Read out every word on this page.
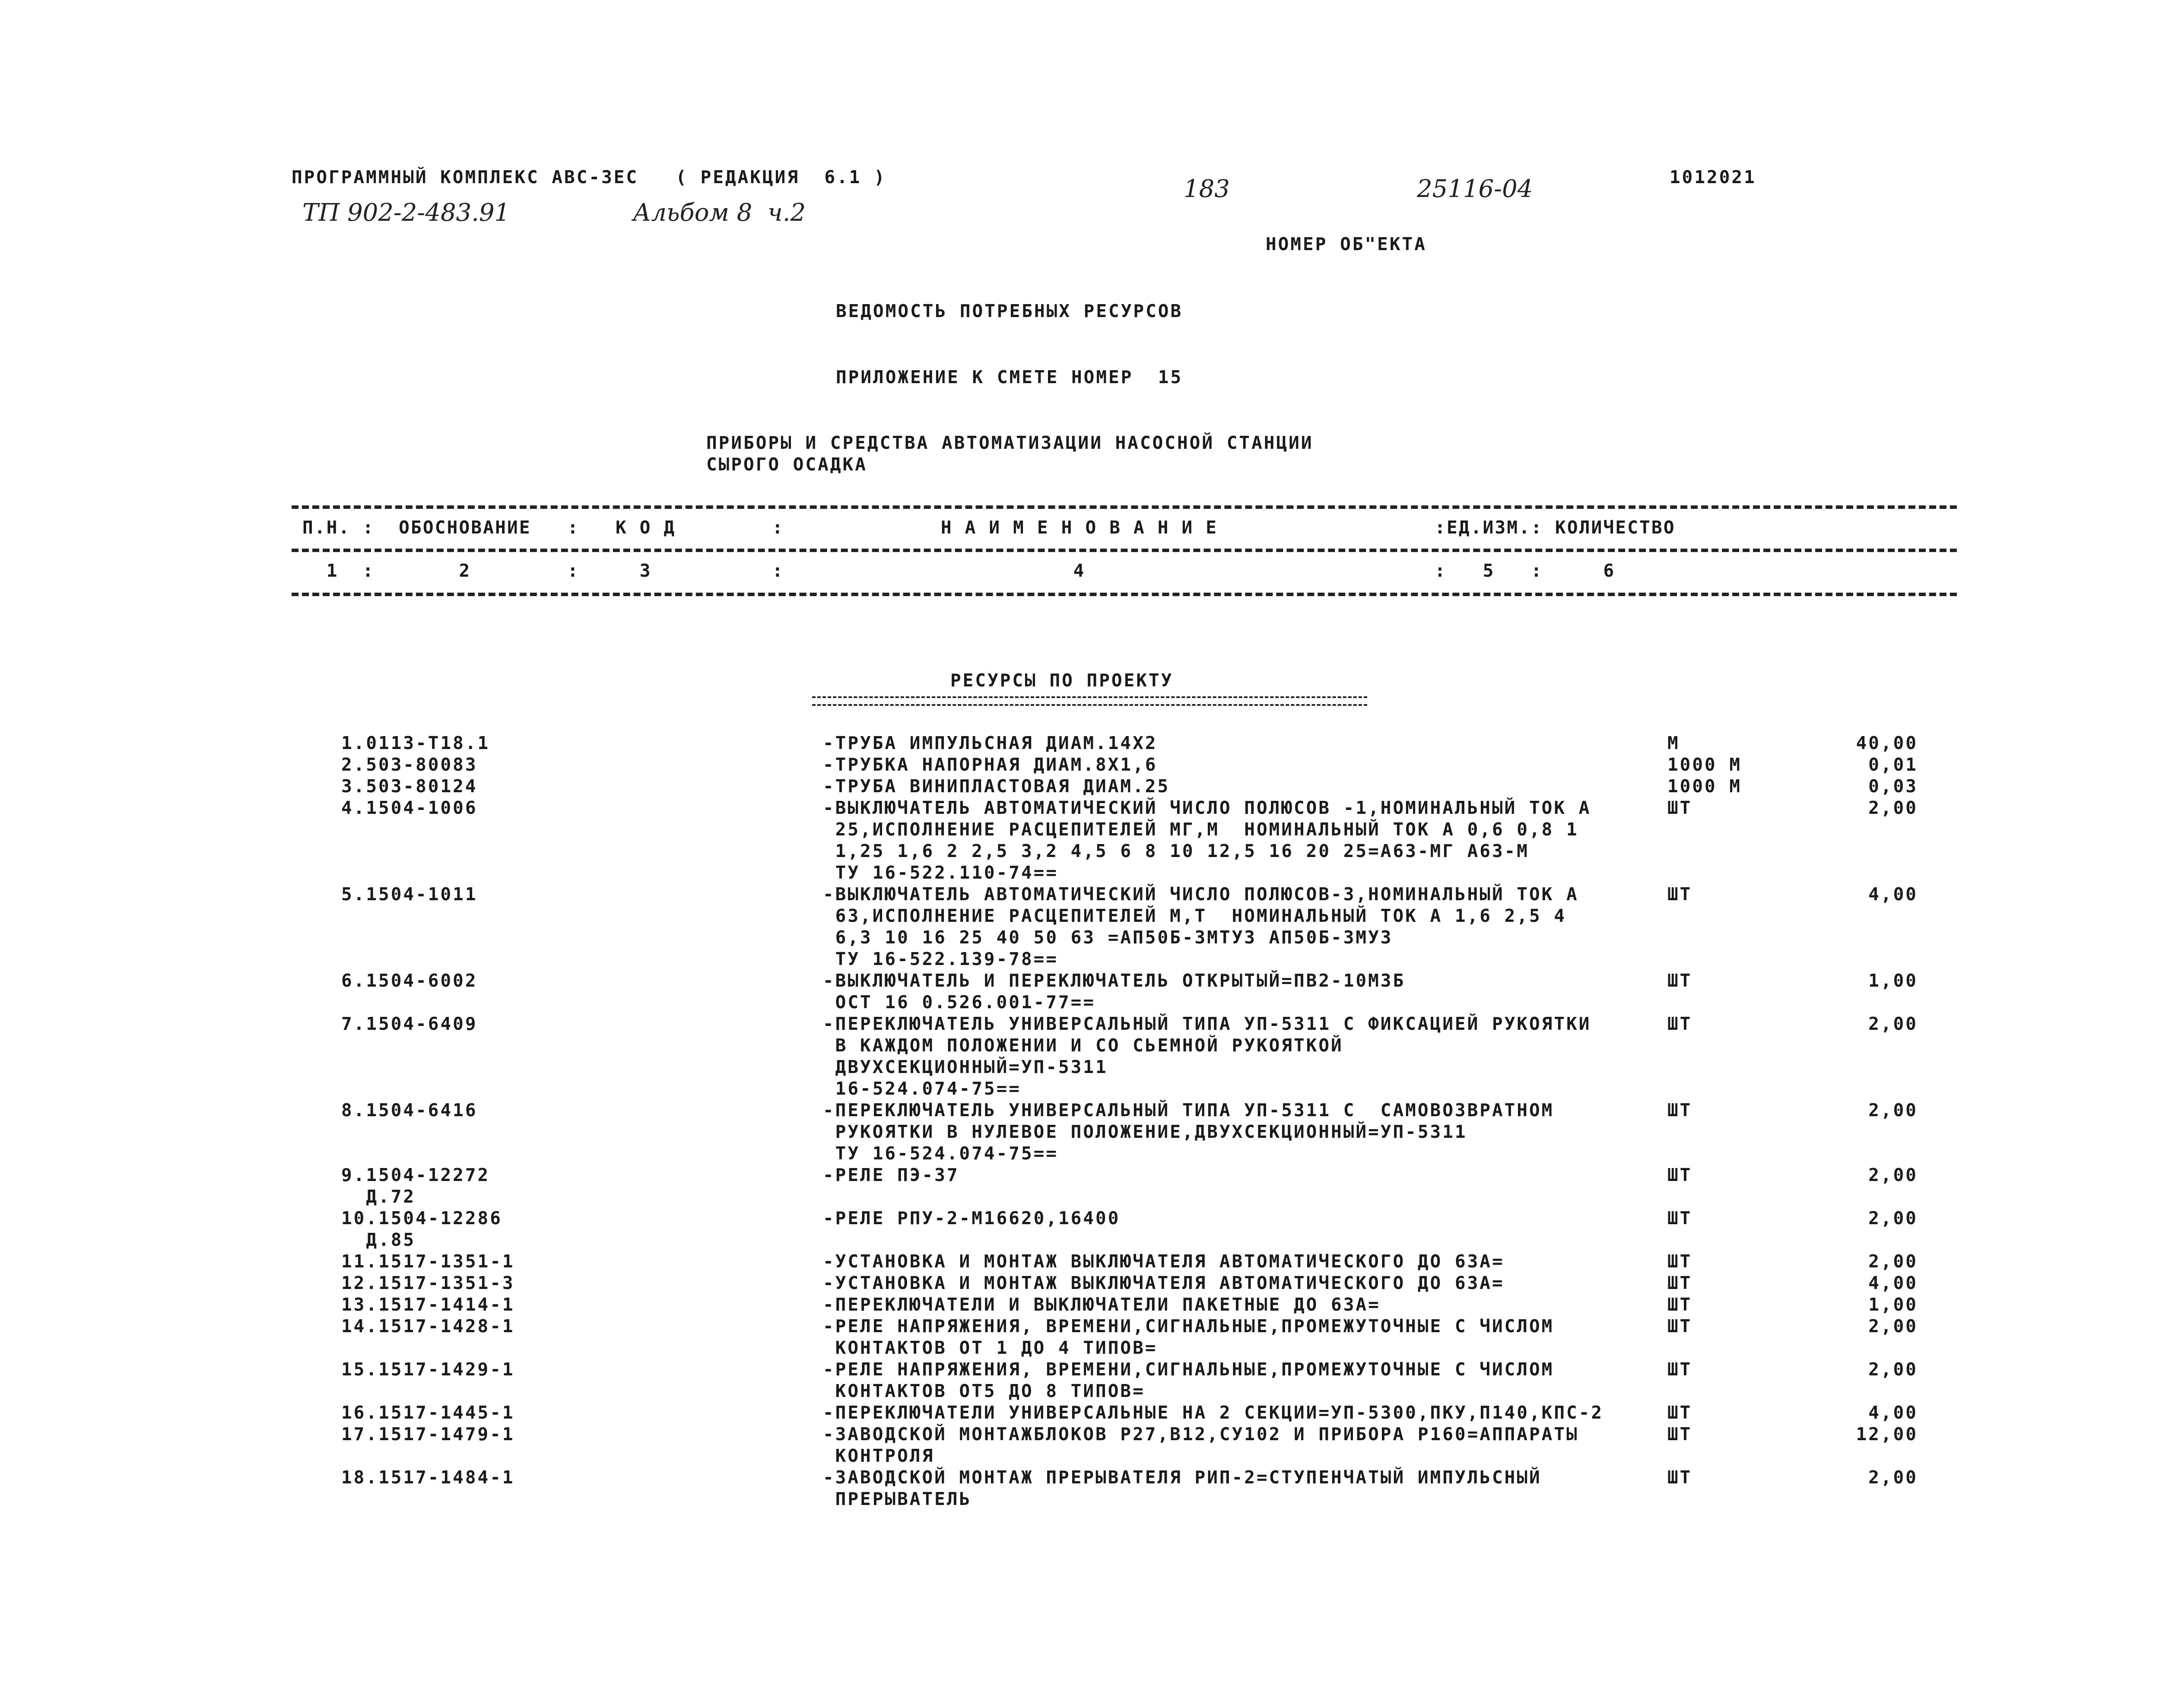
ПРОГРАММНЫЙ КОМПЛЕКС АВС-3ЕС   ( РЕДАКЦИЯ  6.1 )	1012021
ТП 902-2-483.91	Альбом 8  ч.2
183	25116-04
НОМЕР ОБ"ЕКТА
ВЕДОМОСТЬ ПОТРЕБНЫХ РЕСУРСОВ
ПРИЛОЖЕНИЕ К СМЕТЕ НОМЕР  15
ПРИБОРЫ И СРЕДСТВА АВТОМАТИЗАЦИИ НАСОСНОЙ СТАНЦИИ
СЫРОГО ОСАДКА
П.Н. :  ОБОСНОВАНИЕ   :   К О Д        :             Н А И М Е Н О В А Н И Е                  :ЕД.ИЗМ.: КОЛИЧЕСТВО
1  :       2        :     3          :                        4                             :   5   :     6
РЕСУРСЫ ПО ПРОЕКТУ
1.0113-Т18.1	-ТРУБА ИМПУЛЬСНАЯ ДИАМ.14Х2	М	40,00
2.503-80083	-ТРУБКА НАПОРНАЯ ДИАМ.8Х1,6	1000 М	0,01
3.503-80124	-ТРУБА ВИНИПЛАСТОВАЯ ДИАМ.25	1000 М	0,03
4.1504-1006	-ВЫКЛЮЧАТЕЛЬ АВТОМАТИЧЕСКИЙ ЧИСЛО ПОЛЮСОВ -1,НОМИНАЛЬНЫЙ ТОК А	ШТ	2,00
25,ИСПОЛНЕНИЕ РАСЦЕПИТЕЛЕЙ МГ,М  НОМИНАЛЬНЫЙ ТОК А 0,6 0,8 1
1,25 1,6 2 2,5 3,2 4,5 6 8 10 12,5 16 20 25=А63-МГ А63-М
ТУ 16-522.110-74==
5.1504-1011	-ВЫКЛЮЧАТЕЛЬ АВТОМАТИЧЕСКИЙ ЧИСЛО ПОЛЮСОВ-3,НОМИНАЛЬНЫЙ ТОК А	ШТ	4,00
63,ИСПОЛНЕНИЕ РАСЦЕПИТЕЛЕЙ М,Т  НОМИНАЛЬНЫЙ ТОК А 1,6 2,5 4
6,3 10 16 25 40 50 63 =АП50Б-3МТУ3 АП50Б-3МУ3
ТУ 16-522.139-78==
6.1504-6002	-ВЫКЛЮЧАТЕЛЬ И ПЕРЕКЛЮЧАТЕЛЬ ОТКРЫТЫЙ=ПВ2-10М3Б	ШТ	1,00
ОСТ 16 0.526.001-77==
7.1504-6409	-ПЕРЕКЛЮЧАТЕЛЬ УНИВЕРСАЛЬНЫЙ ТИПА УП-5311 С ФИКСАЦИЕЙ РУКОЯТКИ	ШТ	2,00
В КАЖДОМ ПОЛОЖЕНИИ И СО СЬЕМНОЙ РУКОЯТКОЙ
ДВУХСЕКЦИОННЫЙ=УП-5311
16-524.074-75==
8.1504-6416	-ПЕРЕКЛЮЧАТЕЛЬ УНИВЕРСАЛЬНЫЙ ТИПА УП-5311 С  САМОВОЗВРАТНОМ	ШТ	2,00
РУКОЯТКИ В НУЛЕВОЕ ПОЛОЖЕНИЕ,ДВУХСЕКЦИОННЫЙ=УП-5311
ТУ 16-524.074-75==
9.1504-12272	-РЕЛЕ ПЭ-37	ШТ	2,00
Д.72
10.1504-12286	-РЕЛЕ РПУ-2-М16620,16400	ШТ	2,00
Д.85
11.1517-1351-1	-УСТАНОВКА И МОНТАЖ ВЫКЛЮЧАТЕЛЯ АВТОМАТИЧЕСКОГО ДО 63А=	ШТ	2,00
12.1517-1351-3	-УСТАНОВКА И МОНТАЖ ВЫКЛЮЧАТЕЛЯ АВТОМАТИЧЕСКОГО ДО 63А=	ШТ	4,00
13.1517-1414-1	-ПЕРЕКЛЮЧАТЕЛИ И ВЫКЛЮЧАТЕЛИ ПАКЕТНЫЕ ДО 63А=	ШТ	1,00
14.1517-1428-1	-РЕЛЕ НАПРЯЖЕНИЯ, ВРЕМЕНИ,СИГНАЛЬНЫЕ,ПРОМЕЖУТОЧНЫЕ С ЧИСЛОМ	ШТ	2,00
КОНТАКТОВ ОТ 1 ДО 4 ТИПОВ=
15.1517-1429-1	-РЕЛЕ НАПРЯЖЕНИЯ, ВРЕМЕНИ,СИГНАЛЬНЫЕ,ПРОМЕЖУТОЧНЫЕ С ЧИСЛОМ	ШТ	2,00
КОНТАКТОВ ОТ5 ДО 8 ТИПОВ=
16.1517-1445-1	-ПЕРЕКЛЮЧАТЕЛИ УНИВЕРСАЛЬНЫЕ НА 2 СЕКЦИИ=УП-5300,ПКУ,П140,КПС-2	ШТ	4,00
17.1517-1479-1	-ЗАВОДСКОЙ МОНТАЖБЛОКОВ Р27,В12,СУ102 И ПРИБОРА Р160=АППАРАТЫ	ШТ	12,00
КОНТРОЛЯ
18.1517-1484-1	-ЗАВОДСКОЙ МОНТАЖ ПРЕРЫВАТЕЛЯ РИП-2=СТУПЕНЧАТЫЙ ИМПУЛЬСНЫЙ	ШТ	2,00
ПРЕРЫВАТЕЛЬ
